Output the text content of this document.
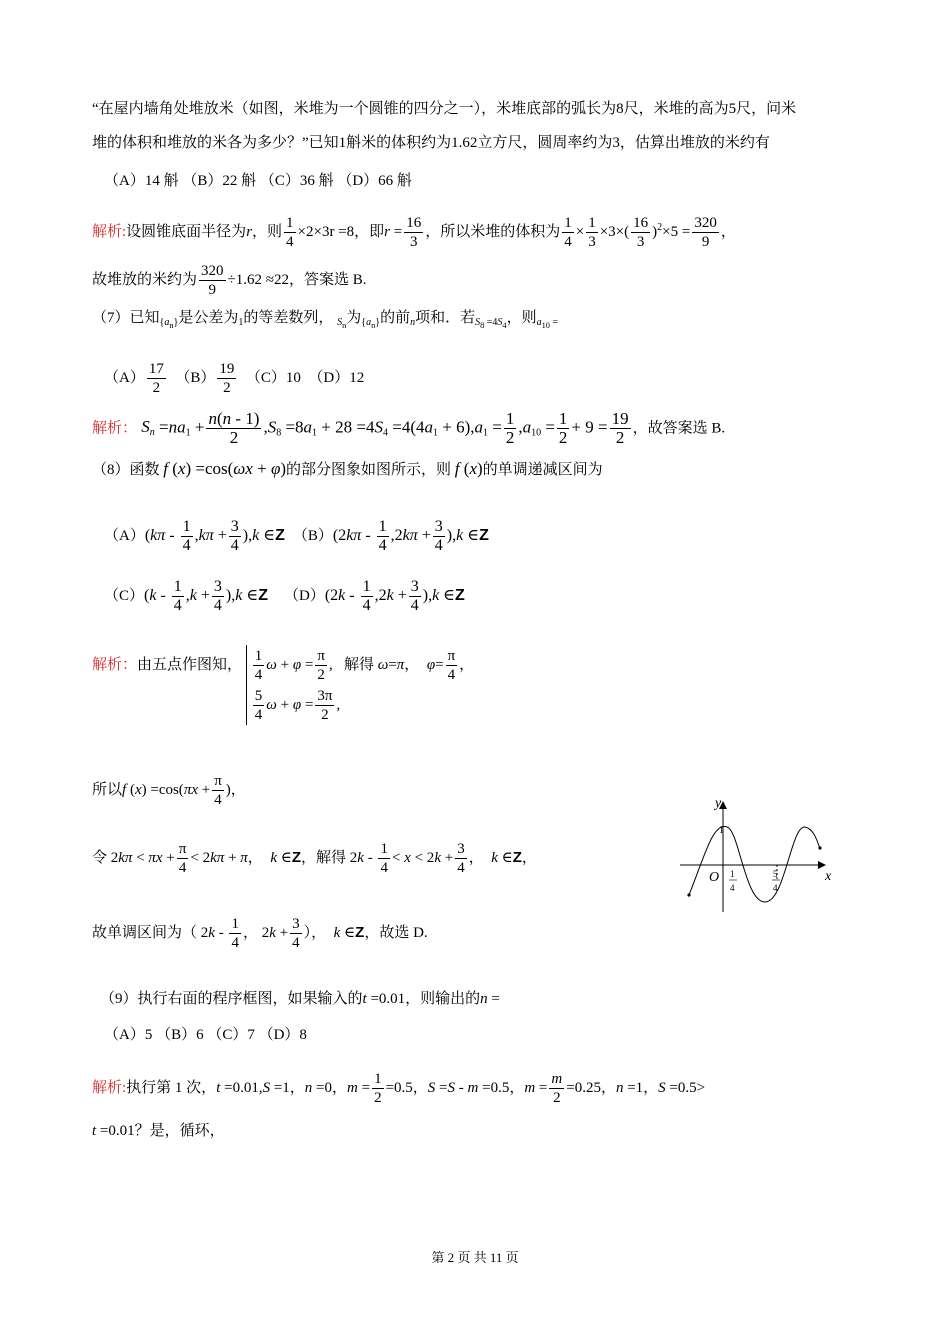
“在屋内墙角处堆放米（如图，米堆为一个圆锥的四分之一），米堆底部的弧长为8尺，米堆的高为5尺，问米
堆的体积和堆放的米各为多少？”已知1斛米的体积约为1.62立方尺，圆周率约为3，估算出堆放的米约有
（A）14 斛 （B）22 斛 （C）36 斛 （D）66 斛
解析:设圆锥底面半径为r，则 $\frac{1}{4} \times 2\times 3r =8$，即$r = \frac{16}{3}$ ，所以米堆的体积为 $\frac{1}{4} \times \frac{1}{3} \times 3\times( \frac{16}{3} )^2\times 5 = \frac{320}{9}$ ，
故堆放的米约为 $\frac{320}{9} \div 1.62 \approx 22$，答案选 B.
（7）已知$_{\{a_n\}}$是公差为$_1$的等差数列， $_{S_n}$为$_{\{a_n\}}$的前$_n$项和．若$_{S_8 =4S_4}$，则$_{a_{10} =}$
$(A) \frac{17}{2} (B) \frac{19}{2} (C)10$ （D）12
解析： $S_n =na_1 + \frac{n(n - 1)}{2} ,S_8 =8a_1 + 28 =4S_4 =4(4a_1 + 6),a_1 = \frac{1}{2} ,a_{10} = \frac{1}{2} + 9 = \frac{19}{2}$ ，故答案选 B.
（8）函数 f (x) =cos(ωx + φ)的部分图象如图所示，则 f (x)的单调递减区间为
$(A)(k\pi - \frac{1}{4} ,k\pi + \frac{3}{4} ),k$ ∈Z $(B)(2k\pi - \frac{1}{4} ,2k\pi + \frac{3}{4} ),k$ ∈Z
$(C)(k - \frac{1}{4} ,k + \frac{3}{4} ),k$ ∈Z $(D)(2k - \frac{1}{4} ,2k + \frac{3}{4} ),k$ ∈Z
解析：由五点作图知， $\frac{1}{4}$ $\omega + \varphi = \frac{\pi}{2}$ ,
$\frac{5}{4}$ $\omega + \varphi = \frac{3\pi}{2}$ ,
解得 ω=π，  $\varphi= \frac{\pi}{4}$ ，
所以f $(x) =\cos(\pi x + \frac{\pi}{4}$ )，
令 $2k\pi < \pi x + \frac{\pi}{4} < 2k\pi + \pi$，  k ∈Z，解得 $2k - \frac{1}{4} < x < 2k + \frac{3}{4}$ ，  k ∈Z，
故单调区间为（ $2k - \frac{1}{4}$ ， $2k + \frac{3}{4}$ ）， k ∈Z，故选 D.
y
x
O
1
1
4
5
4
（9）执行右面的程序框图，如果输入的t =0.01，则输出的n =
（A）5 （B）6 （C）7 （D）8
解析:执行第 1 次，t =0.01,S =1，n =0，$m = \frac{1}{2} =0.5$，S =S - m =0.5，$m = \frac{m}{2} =0.25$，n =1，S =0.5>
t =0.01？是，循环，
第 2 页 共 11 页
